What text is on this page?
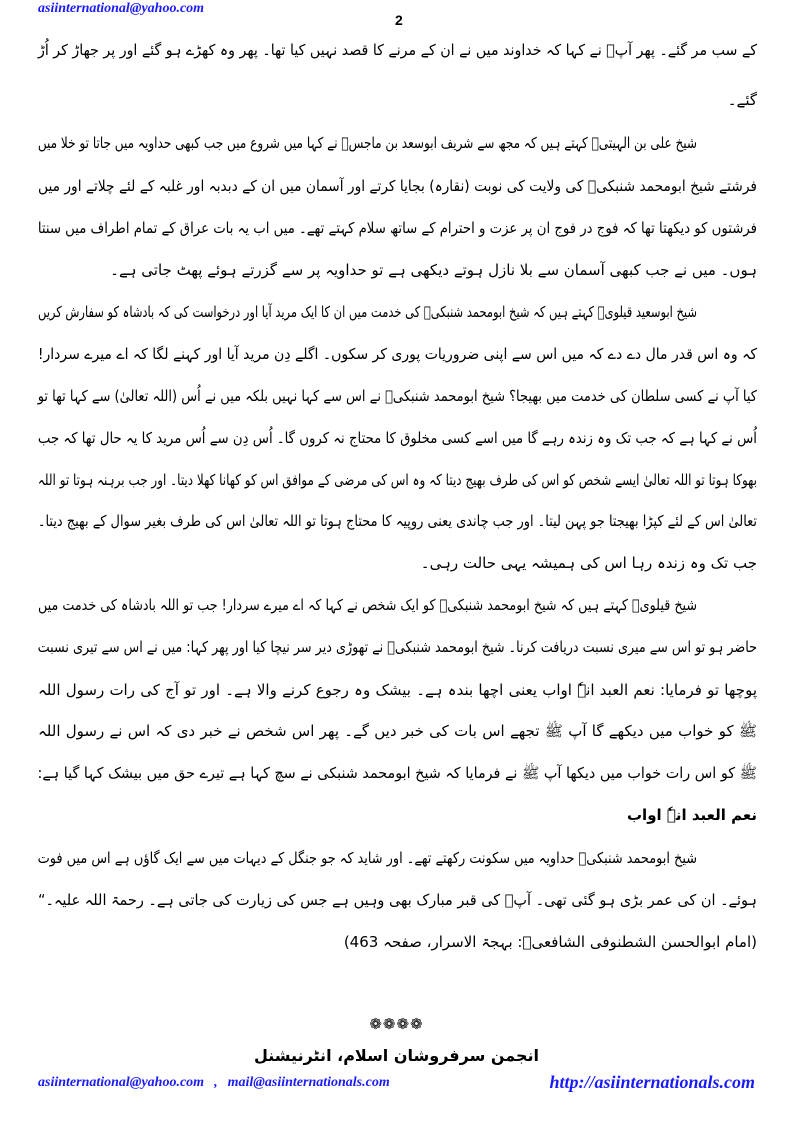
asiinternational@yahoo.com
2
کے سب مر گئے۔ پھر آپؒ نے کہا کہ خداوند میں نے ان کے مرنے کا قصد نہیں کیا تھا۔ پھر وہ کھڑے ہو گئے اور پر جھاڑ کر اُڑ
گئے۔
شیخ علی بن الہیتیؒ کہتے ہیں کہ مجھ سے شریف ابوسعد بن ماجسؒ نے کہا میں شروع میں جب کبھی حداویہ میں جاتا تو خلا میں
فرشتے شیخ ابومحمد شنبکیؒ کی ولایت کی نوبت (نقارہ) بجایا کرتے اور آسمان میں ان کے دبدبہ اور غلبہ کے لئے چلاتے اور میں
فرشتوں کو دیکھتا تھا کہ فوج در فوج ان پر عزت و احترام کے ساتھ سلام کہتے تھے۔ میں اب یہ بات عراق کے تمام اطراف میں سنتا
ہوں۔ میں نے جب کبھی آسمان سے بلا نازل ہوتے دیکھی ہے تو حداویہ پر سے گزرتے ہوئے پھٹ جاتی ہے۔
شیخ ابوسعید قیلویؒ کہتے ہیں کہ شیخ ابومحمد شنبکیؒ کی خدمت میں ان کا ایک مرید آیا اور درخواست کی کہ بادشاہ کو سفارش کریں
کہ وہ اس قدر مال دے دے کہ میں اس سے اپنی ضروریات پوری کر سکوں۔ اگلے دِن مرید آیا اور کہنے لگا کہ اے میرے سردار!
کیا آپ نے کسی سلطان کی خدمت میں بھیجا؟ شیخ ابومحمد شنبکیؒ نے اس سے کہا نہیں بلکہ میں نے اُس (اللہ تعالیٰ) سے کہا تھا تو
اُس نے کہا ہے کہ جب تک وہ زندہ رہے گا میں اسے کسی مخلوق کا محتاج نہ کروں گا۔ اُس دِن سے اُس مرید کا یہ حال تھا کہ جب
بھوکا ہوتا تو اللہ تعالیٰ ایسے شخص کو اس کی طرف بھیج دیتا کہ وہ اس کی مرضی کے موافق اس کو کھانا کھلا دیتا۔ اور جب برہنہ ہوتا تو اللہ
تعالیٰ اس کے لئے کپڑا بھیجتا جو پہن لیتا۔ اور جب چاندی یعنی روپیہ کا محتاج ہوتا تو اللہ تعالیٰ اس کی طرف بغیر سوال کے بھیج دیتا۔
جب تک وہ زندہ رہا اس کی ہمیشہ یہی حالت رہی۔
شیخ قیلویؒ کہتے ہیں کہ شیخ ابومحمد شنبکیؒ کو ایک شخص نے کہا کہ اے میرے سردار! جب تو اللہ بادشاہ کی خدمت میں
حاضر ہو تو اس سے میری نسبت دریافت کرنا۔ شیخ ابومحمد شنبکیؒ نے تھوڑی دیر سر نیچا کیا اور پھر کہا: میں نے اس سے تیری نسبت
پوچھا تو فرمایا: نعم العبد انہٗ اواب یعنی اچھا بندہ ہے۔ بیشک وہ رجوع کرنے والا ہے۔ اور تو آج کی رات رسول اللہ
ﷺ کو خواب میں دیکھے گا آپ ﷺ تجھے اس بات کی خبر دیں گے۔ پھر اس شخص نے خبر دی کہ اس نے رسول اللہ
ﷺ کو اس رات خواب میں دیکھا آپ ﷺ نے فرمایا کہ شیخ ابومحمد شنبکی نے سچ کہا ہے تیرے حق میں بیشک کہا گیا ہے:
نعم العبد انہٗ اواب
شیخ ابومحمد شنبکیؒ حداویہ میں سکونت رکھتے تھے۔ اور شاید کہ جو جنگل کے دیہات میں سے ایک گاؤں ہے اس میں فوت
ہوئے۔ ان کی عمر بڑی ہو گئی تھی۔ آپؒ کی قبر مبارک بھی وہیں ہے جس کی زیارت کی جاتی ہے۔ رحمۃ اللہ علیہ۔“
(امام ابوالحسن الشطنوفی الشافعیؒ: بہجۃ الاسرار، صفحہ 463)
❁❁❁❁
انجمن سرفروشان اسلام، انٹرنیشنل
asiinternational@yahoo.com , mail@asiinternationals.com	http://asiinternationals.com
